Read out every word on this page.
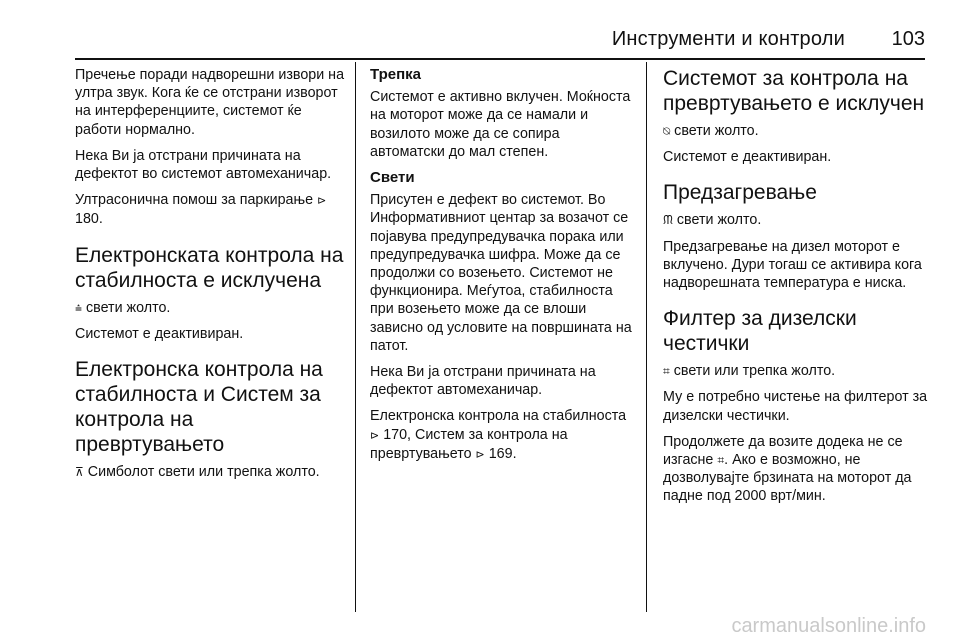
Инструменти и контроли 103

Пречење поради надворешни извори на ултра звук. Кога ќе се отстрани изворот на интерференциите, системот ќе работи нормално.

Нека Ви ја отстрани причината на дефектот во системот автомеханичар.

Ултрасонична помош за паркирање ⊳ 180.

Електронската контрола на стабилноста е исклучена

⩮ свети жолто.

Системот е деактивиран.

Електронска контрола на стабилноста и Систем за контрола на превртувањето

⊼ Симболот свети или трепка жолто.

Трепка

Системот е активно вклучен. Моќноста на моторот може да се намали и возилото може да се сопира автоматски до мал степен.

Свети

Присутен е дефект во системот. Во Информативниот центар за возачот се појавува предупредувачка порака или предупредувачка шифра. Може да се продолжи со возењето. Системот не функционира. Меѓутоа, стабилноста при возењето може да се влоши зависно од условите на површината на патот.

Нека Ви ја отстрани причината на дефектот автомеханичар.

Електронска контрола на стабилноста ⊳ 170, Систем за контрола на превртувањето ⊳ 169.

Системот за контрола на превртувањето е исклучен

⍉ свети жолто.

Системот е деактивиран.

Предзагревање

ᙏ свети жолто.

Предзагревање на дизел моторот е вклучено. Дури тогаш се активира кога надворешната температура е ниска.

Филтер за дизелски честички

⌗ свети или трепка жолто.

Му е потребно чистење на филтерот за дизелски честички.

Продолжете да возите додека не се изгасне ⌗. Ако е возможно, не дозволувајте брзината на моторот да падне под 2000 врт/мин.

carmanualsonline.info
